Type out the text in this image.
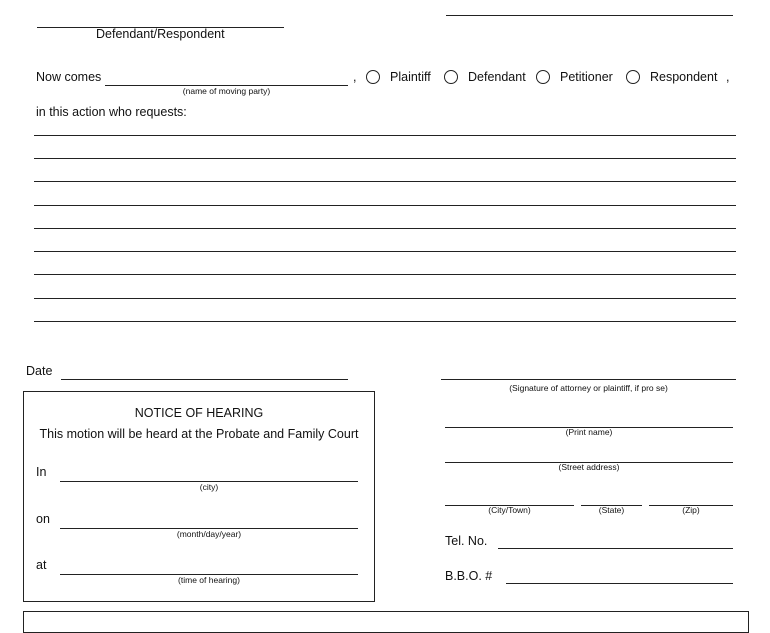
Defendant/Respondent
Now comes
(name of moving party)
,	Plaintiff	Defendant	Petitioner	Respondent ,
in this action who requests:
Date
(Signature of attorney or plaintiff, if pro se)
(Print name)
(Street address)
(City/Town)	(State)	(Zip)
Tel. No.
B.B.O. #
NOTICE OF HEARING
This motion will be heard at the Probate and Family Court
In
(city)
on
(month/day/year)
at
(time of hearing)
